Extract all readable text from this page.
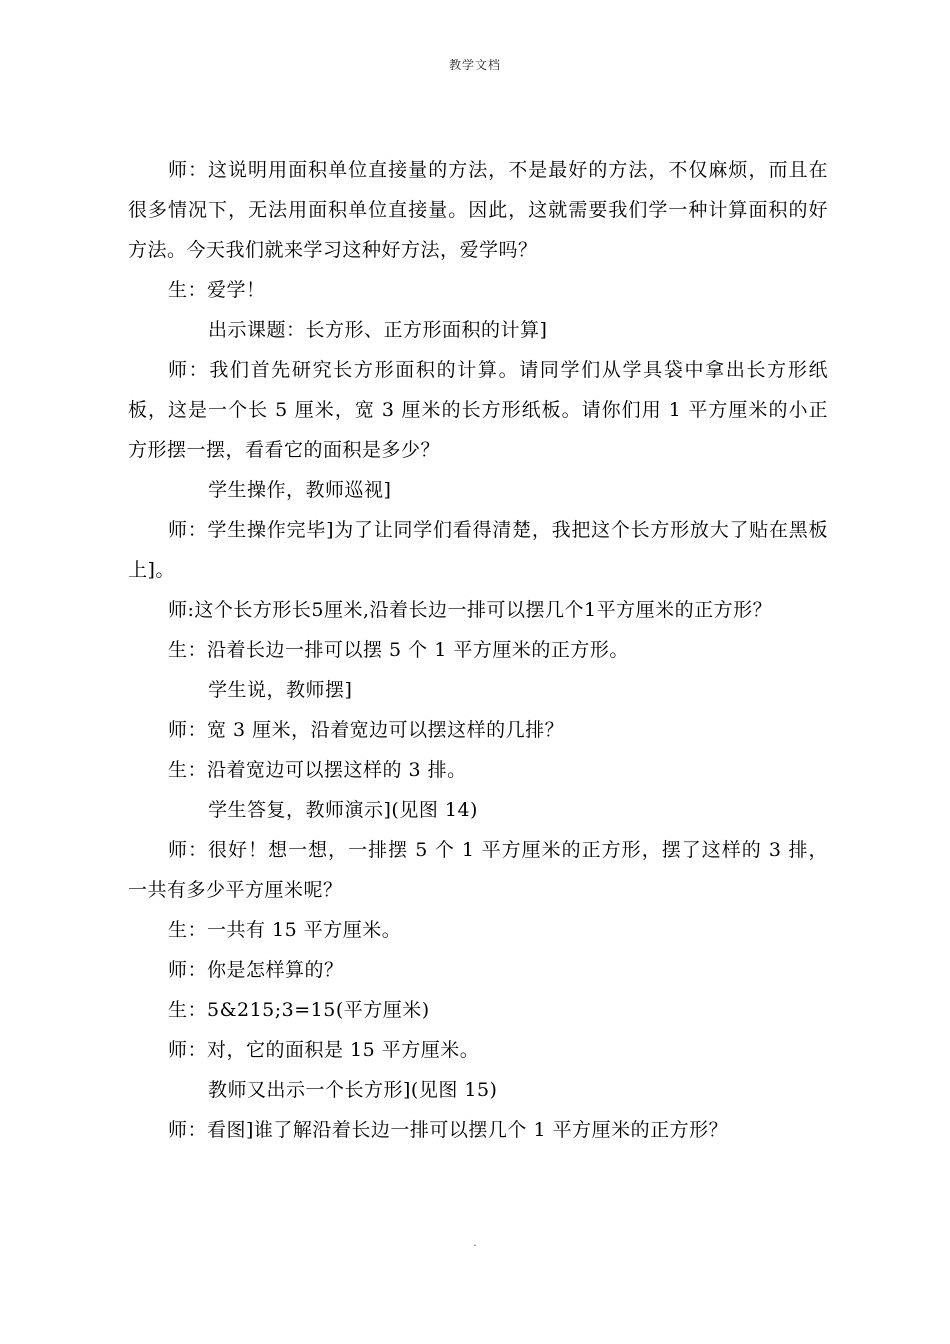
教学文档

师：这说明用面积单位直接量的方法，不是最好的方法，不仅麻烦，而且在很多情况下，无法用面积单位直接量。因此，这就需要我们学一种计算面积的好方法。今天我们就来学习这种好方法，爱学吗？

生：爱学！

出示课题：长方形、正方形面积的计算]

师：我们首先研究长方形面积的计算。请同学们从学具袋中拿出长方形纸板，这是一个长 5 厘米，宽 3 厘米的长方形纸板。请你们用 1 平方厘米的小正方形摆一摆，看看它的面积是多少？

学生操作，教师巡视]

师：学生操作完毕]为了让同学们看得清楚，我把这个长方形放大了贴在黑板上]。

师:这个长方形长5厘米,沿着长边一排可以摆几个1平方厘米的正方形？

生：沿着长边一排可以摆 5 个 1 平方厘米的正方形。

学生说，教师摆]

师：宽 3 厘米，沿着宽边可以摆这样的几排？

生：沿着宽边可以摆这样的 3 排。

学生答复，教师演示](见图 14)

师：很好！想一想，一排摆 5 个 1 平方厘米的正方形，摆了这样的 3 排，一共有多少平方厘米呢？

生：一共有 15 平方厘米。

师：你是怎样算的？

生：5&215;3=15(平方厘米)

师：对，它的面积是 15 平方厘米。

教师又出示一个长方形](见图 15)

师：看图]谁了解沿着长边一排可以摆几个 1 平方厘米的正方形？

.
